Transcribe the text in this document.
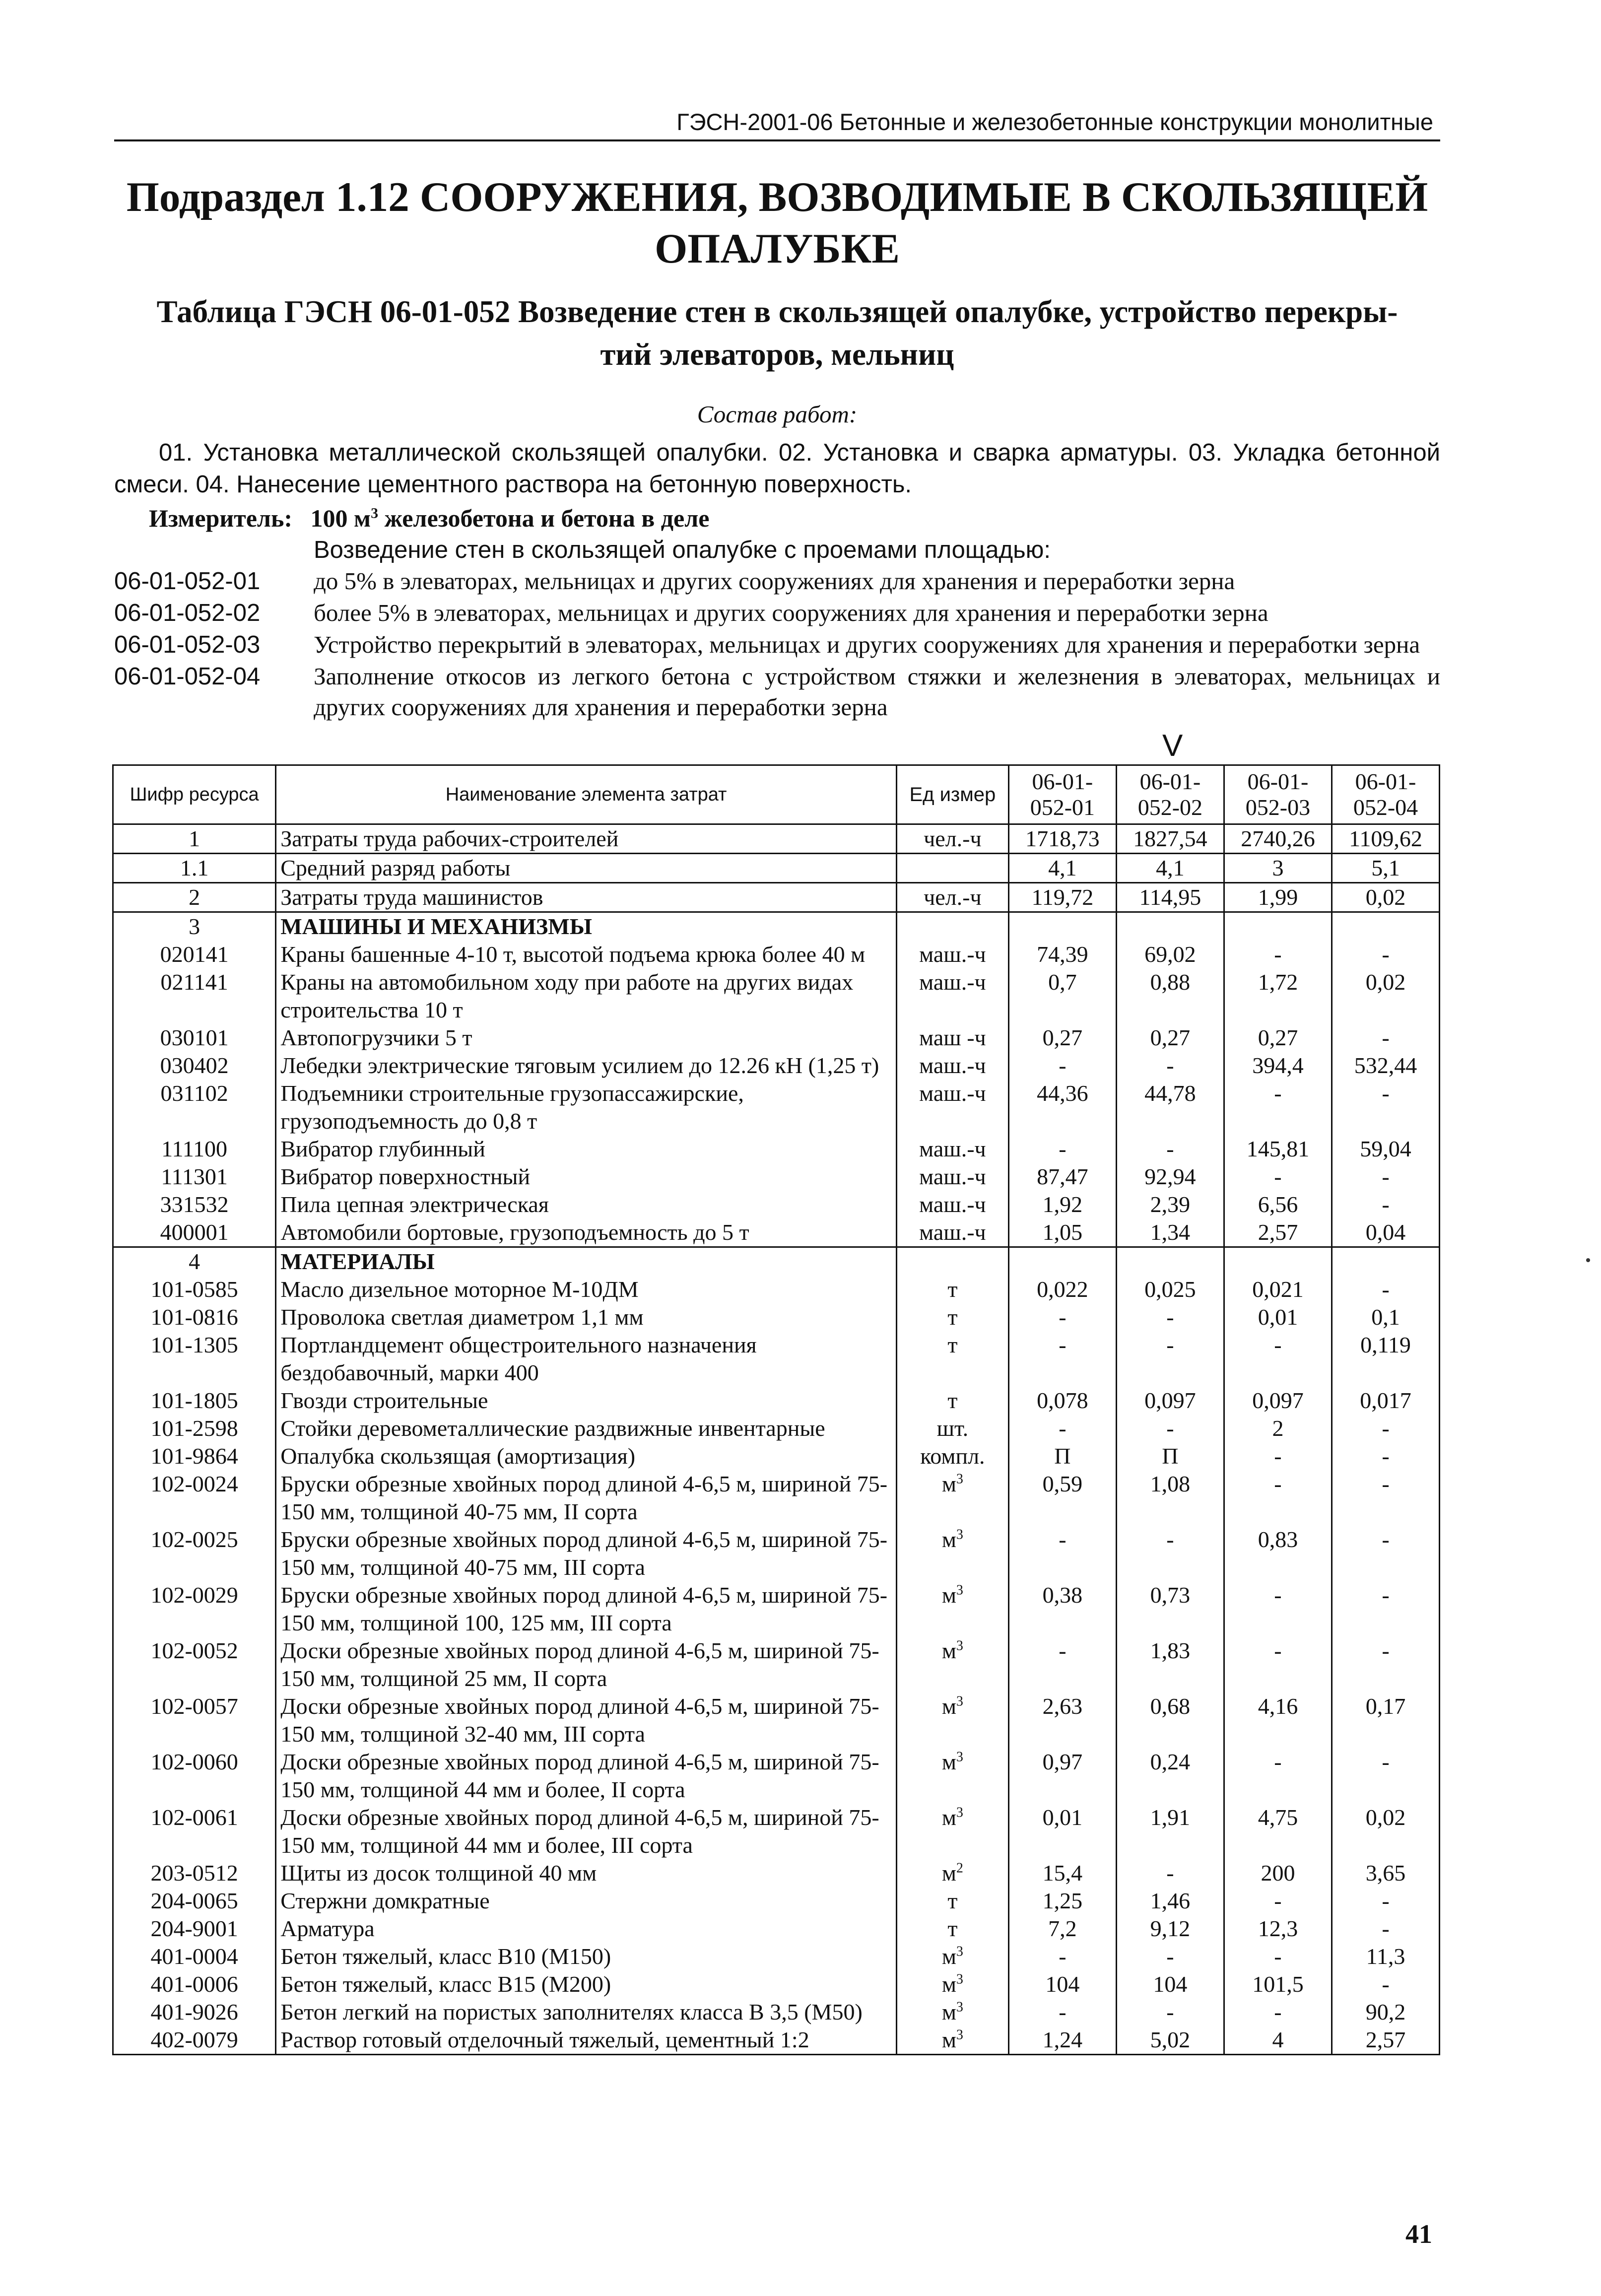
ГЭСН-2001-06 Бетонные и железобетонные конструкции монолитные
Подраздел 1.12 СООРУЖЕНИЯ, ВОЗВОДИМЫЕ В СКОЛЬЗЯЩЕЙ ОПАЛУБКЕ
Таблица ГЭСН 06-01-052 Возведение стен в скользящей опалубке, устройство перекры-
тий элеваторов, мельниц
Состав работ:
01. Установка металлической скользящей опалубки. 02. Установка и сварка арматуры. 03. Укладка бетонной смеси. 04. Нанесение цементного раствора на бетонную поверхность.
Измеритель: 100 $м^3$ железобетона и бетона в деле
Возведение стен в скользящей опалубке с проемами площадью:
06-01-052-01	до 5% в элеваторах, мельницах и других сооружениях для хранения и переработки зерна
06-01-052-02	более 5% в элеваторах, мельницах и других сооружениях для хранения и переработки зерна
06-01-052-03	Устройство перекрытий в элеваторах, мельницах и других сооружениях для хранения и переработки зерна
06-01-052-04	Заполнение откосов из легкого бетона с устройством стяжки и железнения в элеваторах, мельницах и других сооружениях для хранения и переработки зерна
V
Шифр ресурса	Наименование элемента затрат	Ед измер	06-01-052-01	06-01-052-02	06-01-052-03	06-01-052-04
1	Затраты труда рабочих-строителей	чел.-ч	1718,73	1827,54	2740,26	1109,62
1.1	Средний разряд работы		4,1	4,1	3	5,1
2	Затраты труда машинистов	чел.-ч	119,72	114,95	1,99	0,02
3	МАШИНЫ И МЕХАНИЗМЫ					
020141	Краны башенные 4-10 т, высотой подъема крюка более 40 м	маш.-ч	74,39	69,02	-	-
021141	Краны на автомобильном ходу при работе на других видах строительства 10 т	маш.-ч	0,7	0,88	1,72	0,02
030101	Автопогрузчики 5 т	маш -ч	0,27	0,27	0,27	-
030402	Лебедки электрические тяговым усилием до 12.26 кН (1,25 т)	маш.-ч	-	-	394,4	532,44
031102	Подъемники строительные грузопассажирские, грузоподъемность до 0,8 т	маш.-ч	44,36	44,78	-	-
111100	Вибратор глубинный	маш.-ч	-	-	145,81	59,04
111301	Вибратор поверхностный	маш.-ч	87,47	92,94	-	-
331532	Пила цепная электрическая	маш.-ч	1,92	2,39	6,56	-
400001	Автомобили бортовые, грузоподъемность до 5 т	маш.-ч	1,05	1,34	2,57	0,04
4	МАТЕРИАЛЫ					
101-0585	Масло дизельное моторное М-10ДМ	т	0,022	0,025	0,021	-
101-0816	Проволока светлая диаметром 1,1 мм	т	-	-	0,01	0,1
101-1305	Портландцемент общестроительного назначения бездобавочный, марки 400	т	-	-	-	0,119
101-1805	Гвозди строительные	т	0,078	0,097	0,097	0,017
101-2598	Стойки деревометаллические раздвижные инвентарные	шт.	-	-	2	-
101-9864	Опалубка скользящая (амортизация)	компл.	П	П	-	-
102-0024	Бруски обрезные хвойных пород длиной 4-6,5 м, шириной 75-150 мм, толщиной 40-75 мм, II сорта	$м^3$	0,59	1,08	-	-
102-0025	Бруски обрезные хвойных пород длиной 4-6,5 м, шириной 75-150 мм, толщиной 40-75 мм, III сорта	$м^3$	-	-	0,83	-
102-0029	Бруски обрезные хвойных пород длиной 4-6,5 м, шириной 75-150 мм, толщиной 100, 125 мм, III сорта	$м^3$	0,38	0,73	-	-
102-0052	Доски обрезные хвойных пород длиной 4-6,5 м, шириной 75-150 мм, толщиной 25 мм, II сорта	$м^3$	-	1,83	-	-
102-0057	Доски обрезные хвойных пород длиной 4-6,5 м, шириной 75-150 мм, толщиной 32-40 мм, III сорта	$м^3$	2,63	0,68	4,16	0,17
102-0060	Доски обрезные хвойных пород длиной 4-6,5 м, шириной 75-150 мм, толщиной 44 мм и более, II сорта	$м^3$	0,97	0,24	-	-
102-0061	Доски обрезные хвойных пород длиной 4-6,5 м, шириной 75-150 мм, толщиной 44 мм и более, III сорта	$м^3$	0,01	1,91	4,75	0,02
203-0512	Щиты из досок толщиной 40 мм	$м^2$	15,4	-	200	3,65
204-0065	Стержни домкратные	т	1,25	1,46	-	-
204-9001	Арматура	т	7,2	9,12	12,3	-
401-0004	Бетон тяжелый, класс В10 (М150)	$м^3$	-	-	-	11,3
401-0006	Бетон тяжелый, класс В15 (М200)	$м^3$	104	104	101,5	-
401-9026	Бетон легкий на пористых заполнителях класса В 3,5 (М50)	$м^3$	-	-	-	90,2
402-0079	Раствор готовый отделочный тяжелый, цементный 1:2	$м^3$	1,24	5,02	4	2,57
41
